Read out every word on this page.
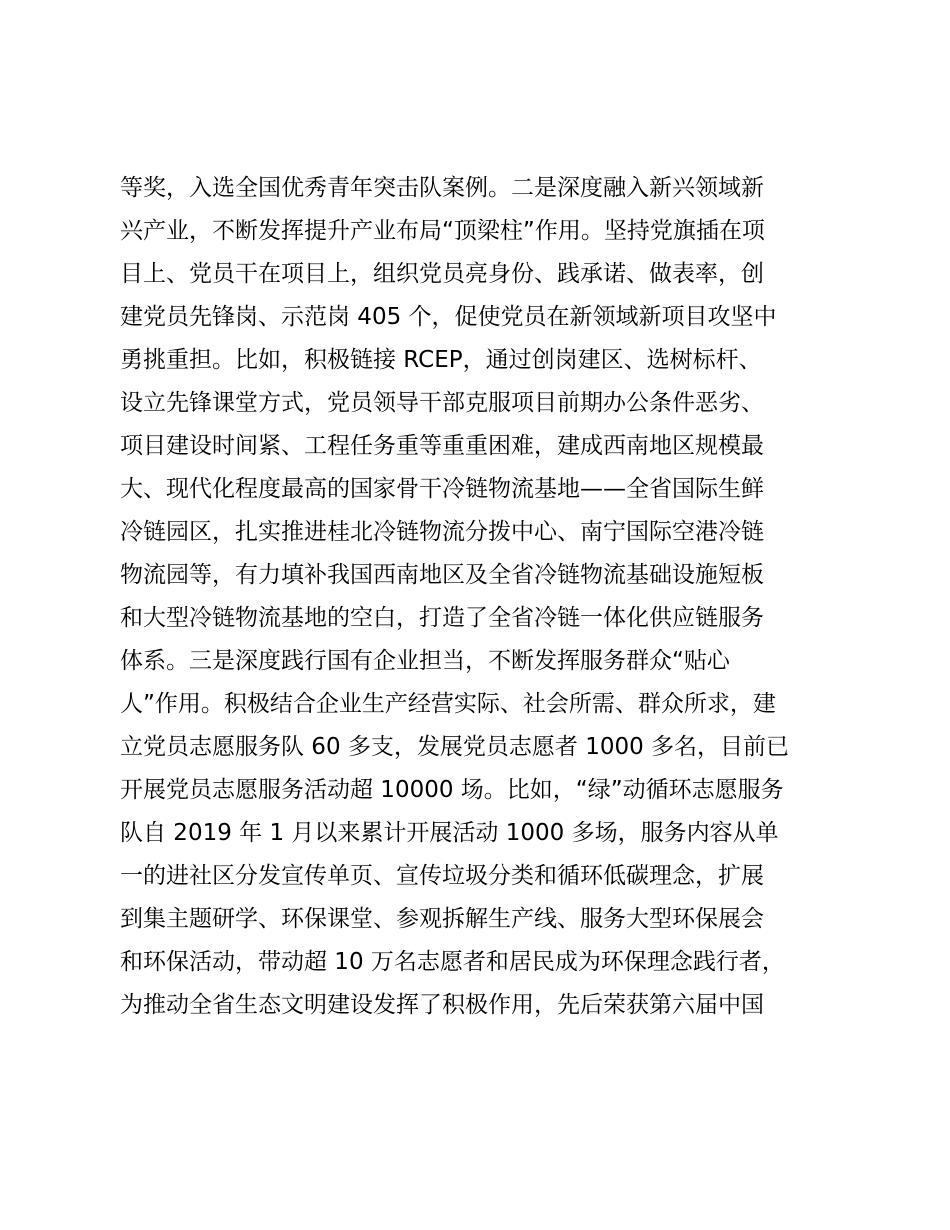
等奖，入选全国优秀青年突击队案例。二是深度融入新兴领域新
兴产业，不断发挥提升产业布局“顶梁柱”作用。坚持党旗插在项
目上、党员干在项目上，组织党员亮身份、践承诺、做表率，创
建党员先锋岗、示范岗 405 个，促使党员在新领域新项目攻坚中
勇挑重担。比如，积极链接 RCEP，通过创岗建区、选树标杆、
设立先锋课堂方式，党员领导干部克服项目前期办公条件恶劣、
项目建设时间紧、工程任务重等重重困难，建成西南地区规模最
大、现代化程度最高的国家骨干冷链物流基地——全省国际生鲜
冷链园区，扎实推进桂北冷链物流分拨中心、南宁国际空港冷链
物流园等，有力填补我国西南地区及全省冷链物流基础设施短板
和大型冷链物流基地的空白，打造了全省冷链一体化供应链服务
体系。三是深度践行国有企业担当，不断发挥服务群众“贴心
人”作用。积极结合企业生产经营实际、社会所需、群众所求，建
立党员志愿服务队 60 多支，发展党员志愿者 1000 多名，目前已
开展党员志愿服务活动超 10000 场。比如，“绿”动循环志愿服务
队自 2019 年 1 月以来累计开展活动 1000 多场，服务内容从单
一的进社区分发宣传单页、宣传垃圾分类和循环低碳理念，扩展
到集主题研学、环保课堂、参观拆解生产线、服务大型环保展会
和环保活动，带动超 10 万名志愿者和居民成为环保理念践行者，
为推动全省生态文明建设发挥了积极作用，先后荣获第六届中国
